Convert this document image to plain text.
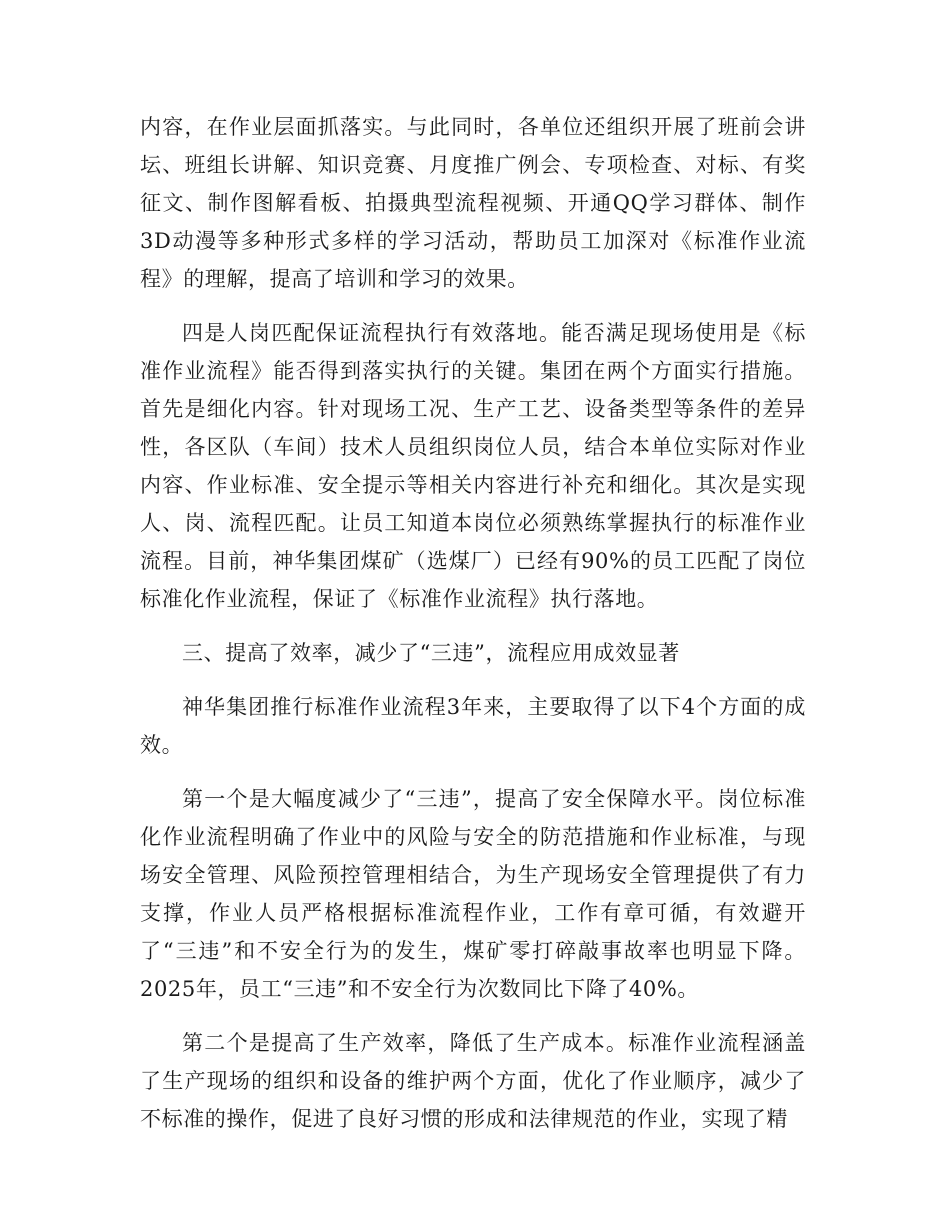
内容，在作业层面抓落实。与此同时，各单位还组织开展了班前会讲坛、班组长讲解、知识竞赛、月度推广例会、专项检查、对标、有奖征文、制作图解看板、拍摄典型流程视频、开通QQ学习群体、制作3D动漫等多种形式多样的学习活动，帮助员工加深对《标准作业流程》的理解，提高了培训和学习的效果。

四是人岗匹配保证流程执行有效落地。能否满足现场使用是《标准作业流程》能否得到落实执行的关键。集团在两个方面实行措施。首先是细化内容。针对现场工况、生产工艺、设备类型等条件的差异性，各区队（车间）技术人员组织岗位人员，结合本单位实际对作业内容、作业标准、安全提示等相关内容进行补充和细化。其次是实现人、岗、流程匹配。让员工知道本岗位必须熟练掌握执行的标准作业流程。目前，神华集团煤矿（选煤厂）已经有90%的员工匹配了岗位标准化作业流程，保证了《标准作业流程》执行落地。

三、提高了效率，减少了“三违”，流程应用成效显著

神华集团推行标准作业流程3年来，主要取得了以下4个方面的成效。

第一个是大幅度减少了“三违”，提高了安全保障水平。岗位标准化作业流程明确了作业中的风险与安全的防范措施和作业标准，与现场安全管理、风险预控管理相结合，为生产现场安全管理提供了有力支撑，作业人员严格根据标准流程作业，工作有章可循，有效避开了“三违”和不安全行为的发生，煤矿零打碎敲事故率也明显下降。2025年，员工“三违”和不安全行为次数同比下降了40%。

第二个是提高了生产效率，降低了生产成本。标准作业流程涵盖了生产现场的组织和设备的维护两个方面，优化了作业顺序，减少了不标准的操作，促进了良好习惯的形成和法律规范的作业，实现了精
